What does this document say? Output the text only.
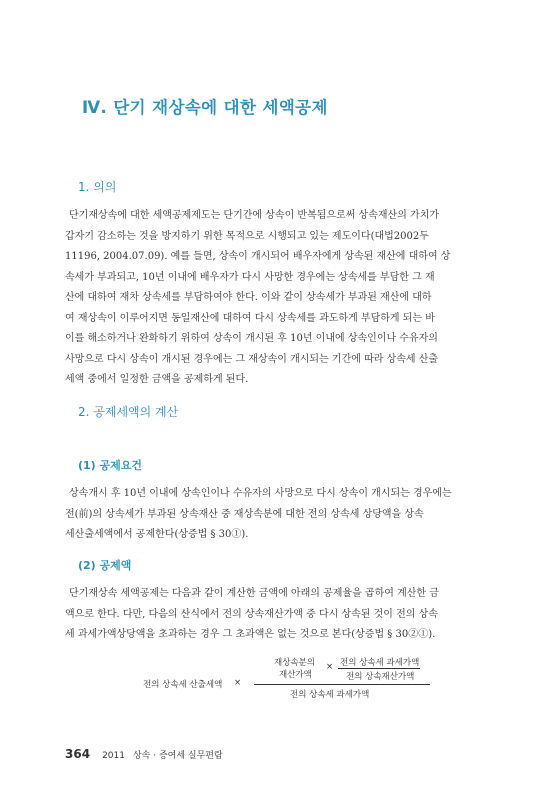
Ⅳ. 단기 재상속에 대한 세액공제
1. 의의
단기재상속에 대한 세액공제제도는 단기간에 상속이 반복됨으로써 상속재산의 가치가
갑자기 감소하는 것을 방지하기 위한 목적으로 시행되고 있는 제도이다(대법2002두
11196, 2004.07.09). 예를 들면, 상속이 개시되어 배우자에게 상속된 재산에 대하여 상
속세가 부과되고, 10년 이내에 배우자가 다시 사망한 경우에는 상속세를 부담한 그 재
산에 대하여 재차 상속세를 부담하여야 한다. 이와 같이 상속세가 부과된 재산에 대하
여 재상속이 이루어지면 동일재산에 대하여 다시 상속세를 과도하게 부담하게 되는 바
이를 해소하거나 완화하기 위하여 상속이 개시된 후 10년 이내에 상속인이나 수유자의
사망으로 다시 상속이 개시된 경우에는 그 재상속이 개시되는 기간에 따라 상속세 산출
세액 중에서 일정한 금액을 공제하게 된다.
2. 공제세액의 계산
(1) 공제요건
상속개시 후 10년 이내에 상속인이나 수유자의 사망으로 다시 상속이 개시되는 경우에는
전(前)의 상속세가 부과된 상속재산 중 재상속분에 대한 전의 상속세 상당액을 상속
세산출세액에서 공제한다(상증법 § 30①).
(2) 공제액
단기재상속 세액공제는 다음과 같이 계산한 금액에 아래의 공제율을 곱하여 계산한 금
액으로 한다. 다만, 다음의 산식에서 전의 상속재산가액 중 다시 상속된 것이 전의 상속
세 과세가액상당액을 초과하는 경우 그 초과액은 없는 것으로 본다(상증법 § 30②①).
전의 상속세 산출세액 ×
재상속분의
재산가액
× 전의 상속세 과세가액
전의 상속재산가액
전의 상속세 과세가액
364 2011 상속 · 증여세 실무편람
